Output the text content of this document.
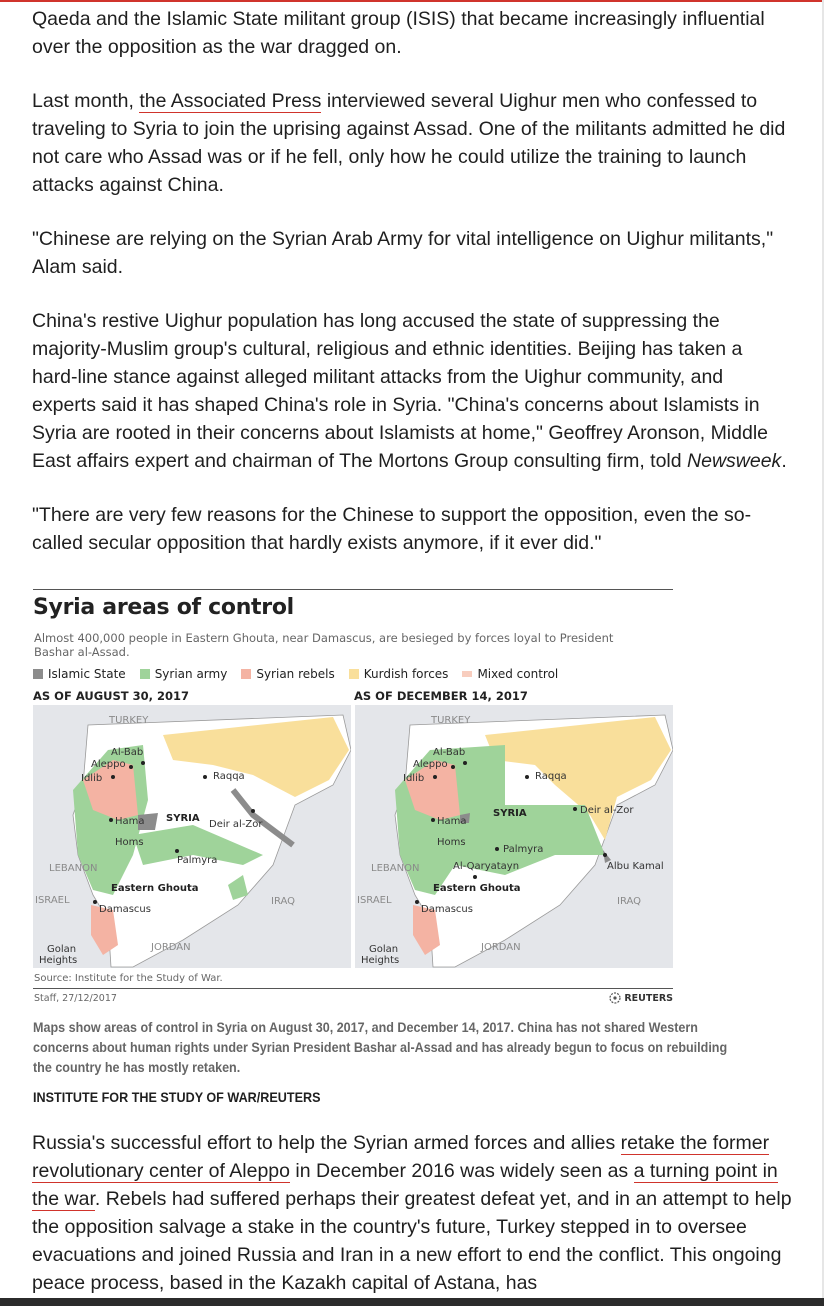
Qaeda and the Islamic State militant group (ISIS) that became increasingly influential over the opposition as the war dragged on.

Last month, the Associated Press interviewed several Uighur men who confessed to traveling to Syria to join the uprising against Assad. One of the militants admitted he did not care who Assad was or if he fell, only how he could utilize the training to launch attacks against China.

"Chinese are relying on the Syrian Arab Army for vital intelligence on Uighur militants," Alam said.

China's restive Uighur population has long accused the state of suppressing the majority-Muslim group's cultural, religious and ethnic identities. Beijing has taken a hard-line stance against alleged militant attacks from the Uighur community, and experts said it has shaped China's role in Syria. "China's concerns about Islamists in Syria are rooted in their concerns about Islamists at home," Geoffrey Aronson, Middle East affairs expert and chairman of The Mortons Group consulting firm, told Newsweek.

"There are very few reasons for the Chinese to support the opposition, even the so-called secular opposition that hardly exists anymore, if it ever did."

Syria areas of control
Almost 400,000 people in Eastern Ghouta, near Damascus, are besieged by forces loyal to President Bashar al-Assad.
Islamic State Syrian army Syrian rebels Kurdish forces Mixed control
AS OF AUGUST 30, 2017	AS OF DECEMBER 14, 2017
TURKEY
Al-Bab
Aleppo
Idlib	Raqqa
SYRIA
Deir al-Zor
Hama
Homs
Palmyra
LEBANON
Eastern Ghouta
ISRAEL
Damascus
IRAQ
JORDAN
Golan
Heights
TURKEY
Al-Bab
Aleppo
Idlib	Raqqa
SYRIA	Deir al-Zor
Hama
Homs
Palmyra
Al-Qaryatayn	Albu Kamal
LEBANON
Eastern Ghouta
ISRAEL
Damascus
IRAQ
JORDAN
Golan
Heights
Source: Institute for the Study of War.
Staff, 27/12/2017	REUTERS
Maps show areas of control in Syria on August 30, 2017, and December 14, 2017. China has not shared Western concerns about human rights under Syrian President Bashar al-Assad and has already begun to focus on rebuilding the country he has mostly retaken.
INSTITUTE FOR THE STUDY OF WAR/REUTERS

Russia's successful effort to help the Syrian armed forces and allies retake the former revolutionary center of Aleppo in December 2016 was widely seen as a turning point in the war. Rebels had suffered perhaps their greatest defeat yet, and in an attempt to help the opposition salvage a stake in the country's future, Turkey stepped in to oversee evacuations and joined Russia and Iran in a new effort to end the conflict. This ongoing peace process, based in the Kazakh capital of Astana, has
